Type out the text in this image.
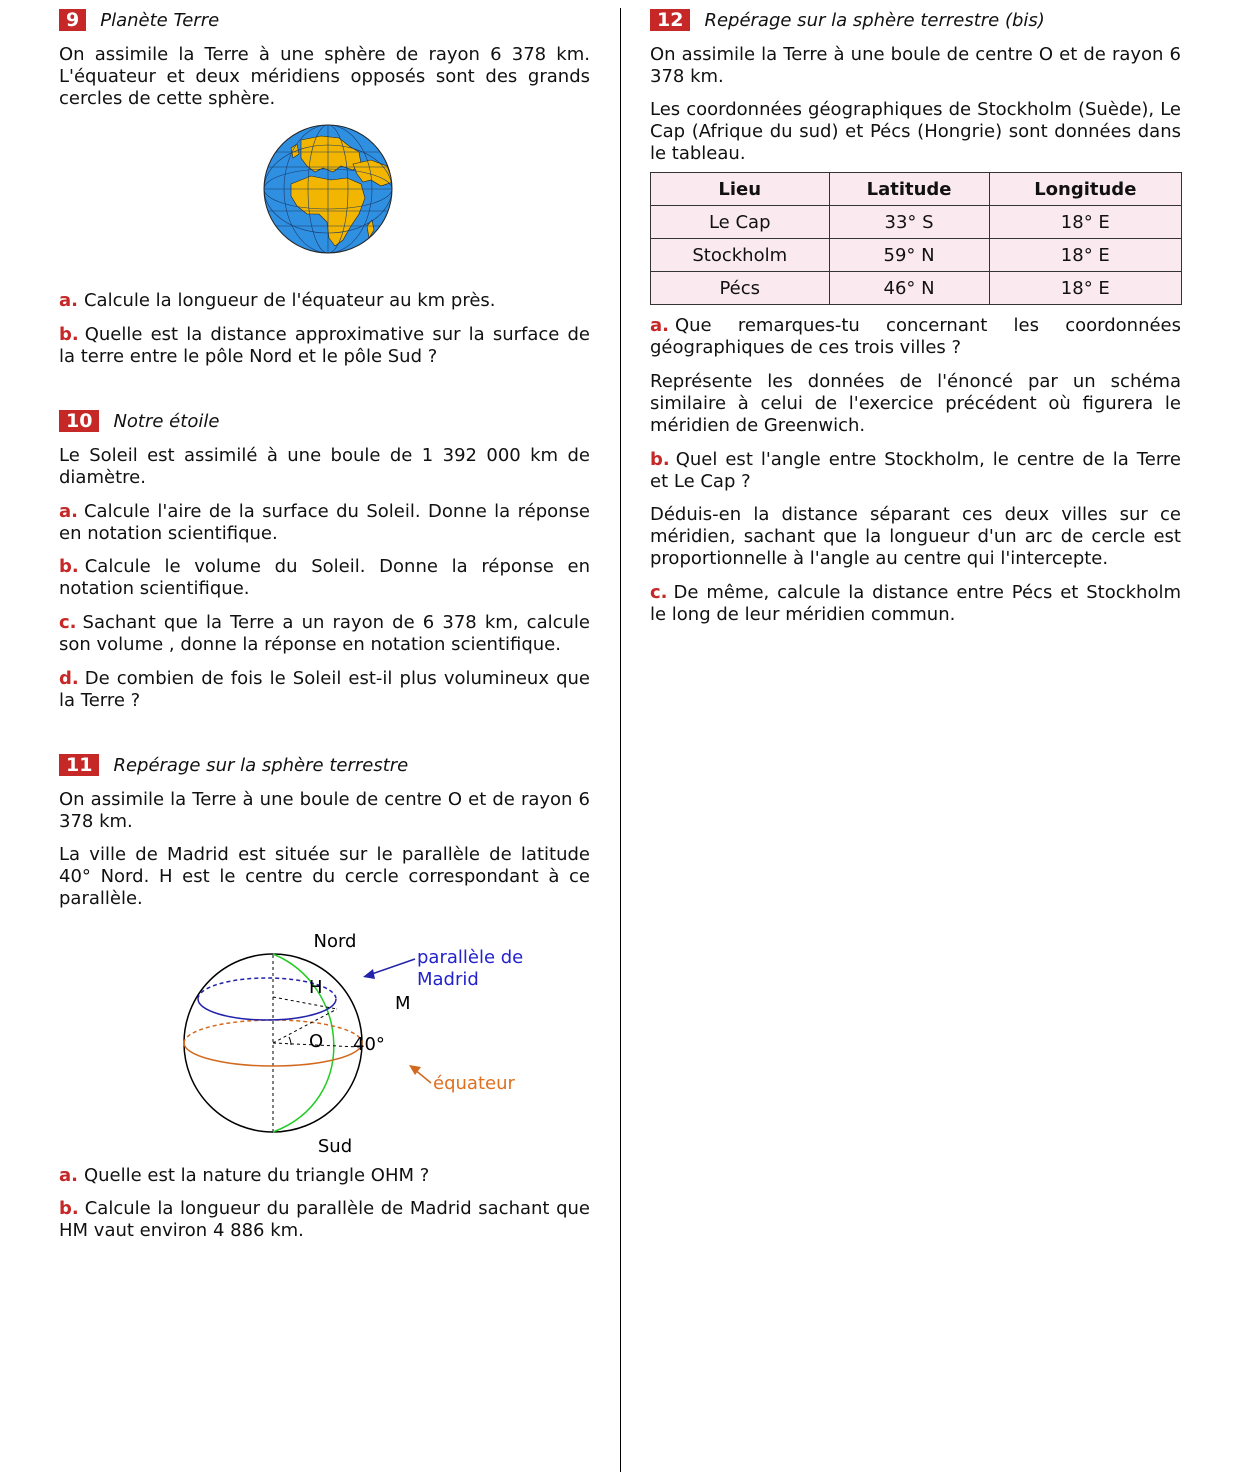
9	Planète Terre

On assimile la Terre à une sphère de rayon 6 378 km. L'équateur et deux méridiens opposés sont des grands cercles de cette sphère.

a. Calcule la longueur de l'équateur au km près.

b. Quelle est la distance approximative sur la surface de la terre entre le pôle Nord et le pôle Sud ?

10	Notre étoile

Le Soleil est assimilé à une boule de 1 392 000 km de diamètre.

a. Calcule l'aire de la surface du Soleil. Donne la réponse en notation scientifique.

b. Calcule le volume du Soleil. Donne la réponse en notation scientifique.

c. Sachant que la Terre a un rayon de 6 378 km, calcule son volume , donne la réponse en notation scientifique.

d. De combien de fois le Soleil est-il plus volumineux que la Terre ?

11	Repérage sur la sphère terrestre

On assimile la Terre à une boule de centre O et de rayon 6 378 km.

La ville de Madrid est située sur le parallèle de latitude 40° Nord. H est le centre du cercle correspondant à ce parallèle.

Nord
Sud
H
M
O 40°
parallèle de
Madrid
équateur

a. Quelle est la nature du triangle OHM ?

b. Calcule la longueur du parallèle de Madrid sachant que HM vaut environ 4 886 km.

12	Repérage sur la sphère terrestre (bis)

On assimile la Terre à une boule de centre O et de rayon 6 378 km.

Les coordonnées géographiques de Stockholm (Suède), Le Cap (Afrique du sud) et Pécs (Hongrie) sont données dans le tableau.

Lieu	Latitude	Longitude
Le Cap	33° S	18° E
Stockholm	59° N	18° E
Pécs	46° N	18° E

a. Que remarques-tu concernant les coordonnées géographiques de ces trois villes ?

Représente les données de l'énoncé par un schéma similaire à celui de l'exercice précédent où figurera le méridien de Greenwich.

b. Quel est l'angle entre Stockholm, le centre de la Terre et Le Cap ?

Déduis-en la distance séparant ces deux villes sur ce méridien, sachant que la longueur d'un arc de cercle est proportionnelle à l'angle au centre qui l'intercepte.

c. De même, calcule la distance entre Pécs et Stockholm le long de leur méridien commun.
